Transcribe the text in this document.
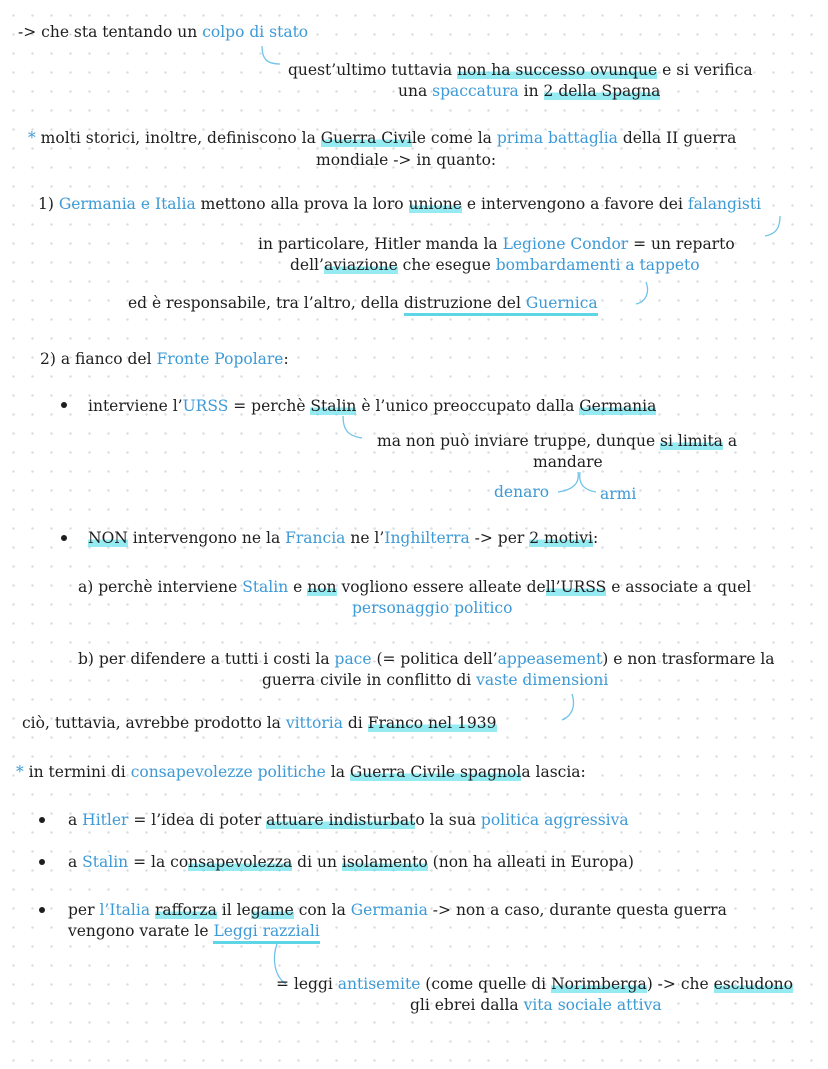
-> che sta tentando un colpo di stato
quest’ultimo tuttavia non ha successo ovunque e si verifica
una spaccatura in 2 della Spagna
* molti storici, inoltre, definiscono la Guerra Civile come la prima battaglia della II guerra
mondiale -> in quanto:
1) Germania e Italia mettono alla prova la loro unione e intervengono a favore dei falangisti
in particolare, Hitler manda la Legione Condor = un reparto
dell’aviazione che esegue bombardamenti a tappeto
ed è responsabile, tra l’altro, della distruzione del Guernica
2) a fianco del Fronte Popolare:
interviene l’URSS = perchè Stalin è l’unico preoccupato dalla Germania
ma non può inviare truppe, dunque si limita a
mandare
denaro	armi
NON intervengono ne la Francia ne l’Inghilterra -> per 2 motivi:
a) perchè interviene Stalin e non vogliono essere alleate dell’URSS e associate a quel
personaggio politico
b) per difendere a tutti i costi la pace (= politica dell’appeasement) e non trasformare la
guerra civile in conflitto di vaste dimensioni
ciò, tuttavia, avrebbe prodotto la vittoria di Franco nel 1939
* in termini di consapevolezze politiche la Guerra Civile spagnola lascia:
a Hitler = l’idea di poter attuare indisturbato la sua politica aggressiva
a Stalin = la consapevolezza di un isolamento (non ha alleati in Europa)
per l’Italia rafforza il legame con la Germania -> non a caso, durante questa guerra
vengono varate le Leggi razziali
= leggi antisemite (come quelle di Norimberga) -> che escludono
gli ebrei dalla vita sociale attiva
